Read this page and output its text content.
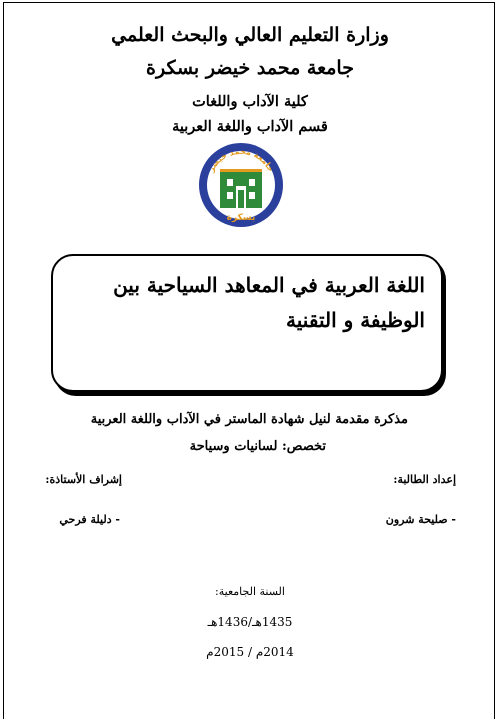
وزارة التعليم العالي والبحث العلمي
جامعة محمد خيضر بسكرة
كلية الآداب واللغات
قسم الآداب واللغة العربية
جامعة محمد خيضر
بسكرة
اللغة العربية في المعاهد السياحية بين الوظيفة و التقنية
مذكرة مقدمة لنيل شهادة الماستر في الآداب واللغة العربية
تخصص: لسانيات وسياحة
إعداد الطالبة:
إشراف الأستاذة:
- صليحة شرون
- دليلة فرحي
السنة الجامعية:
1435هـ/1436هـ
2014م / 2015م
